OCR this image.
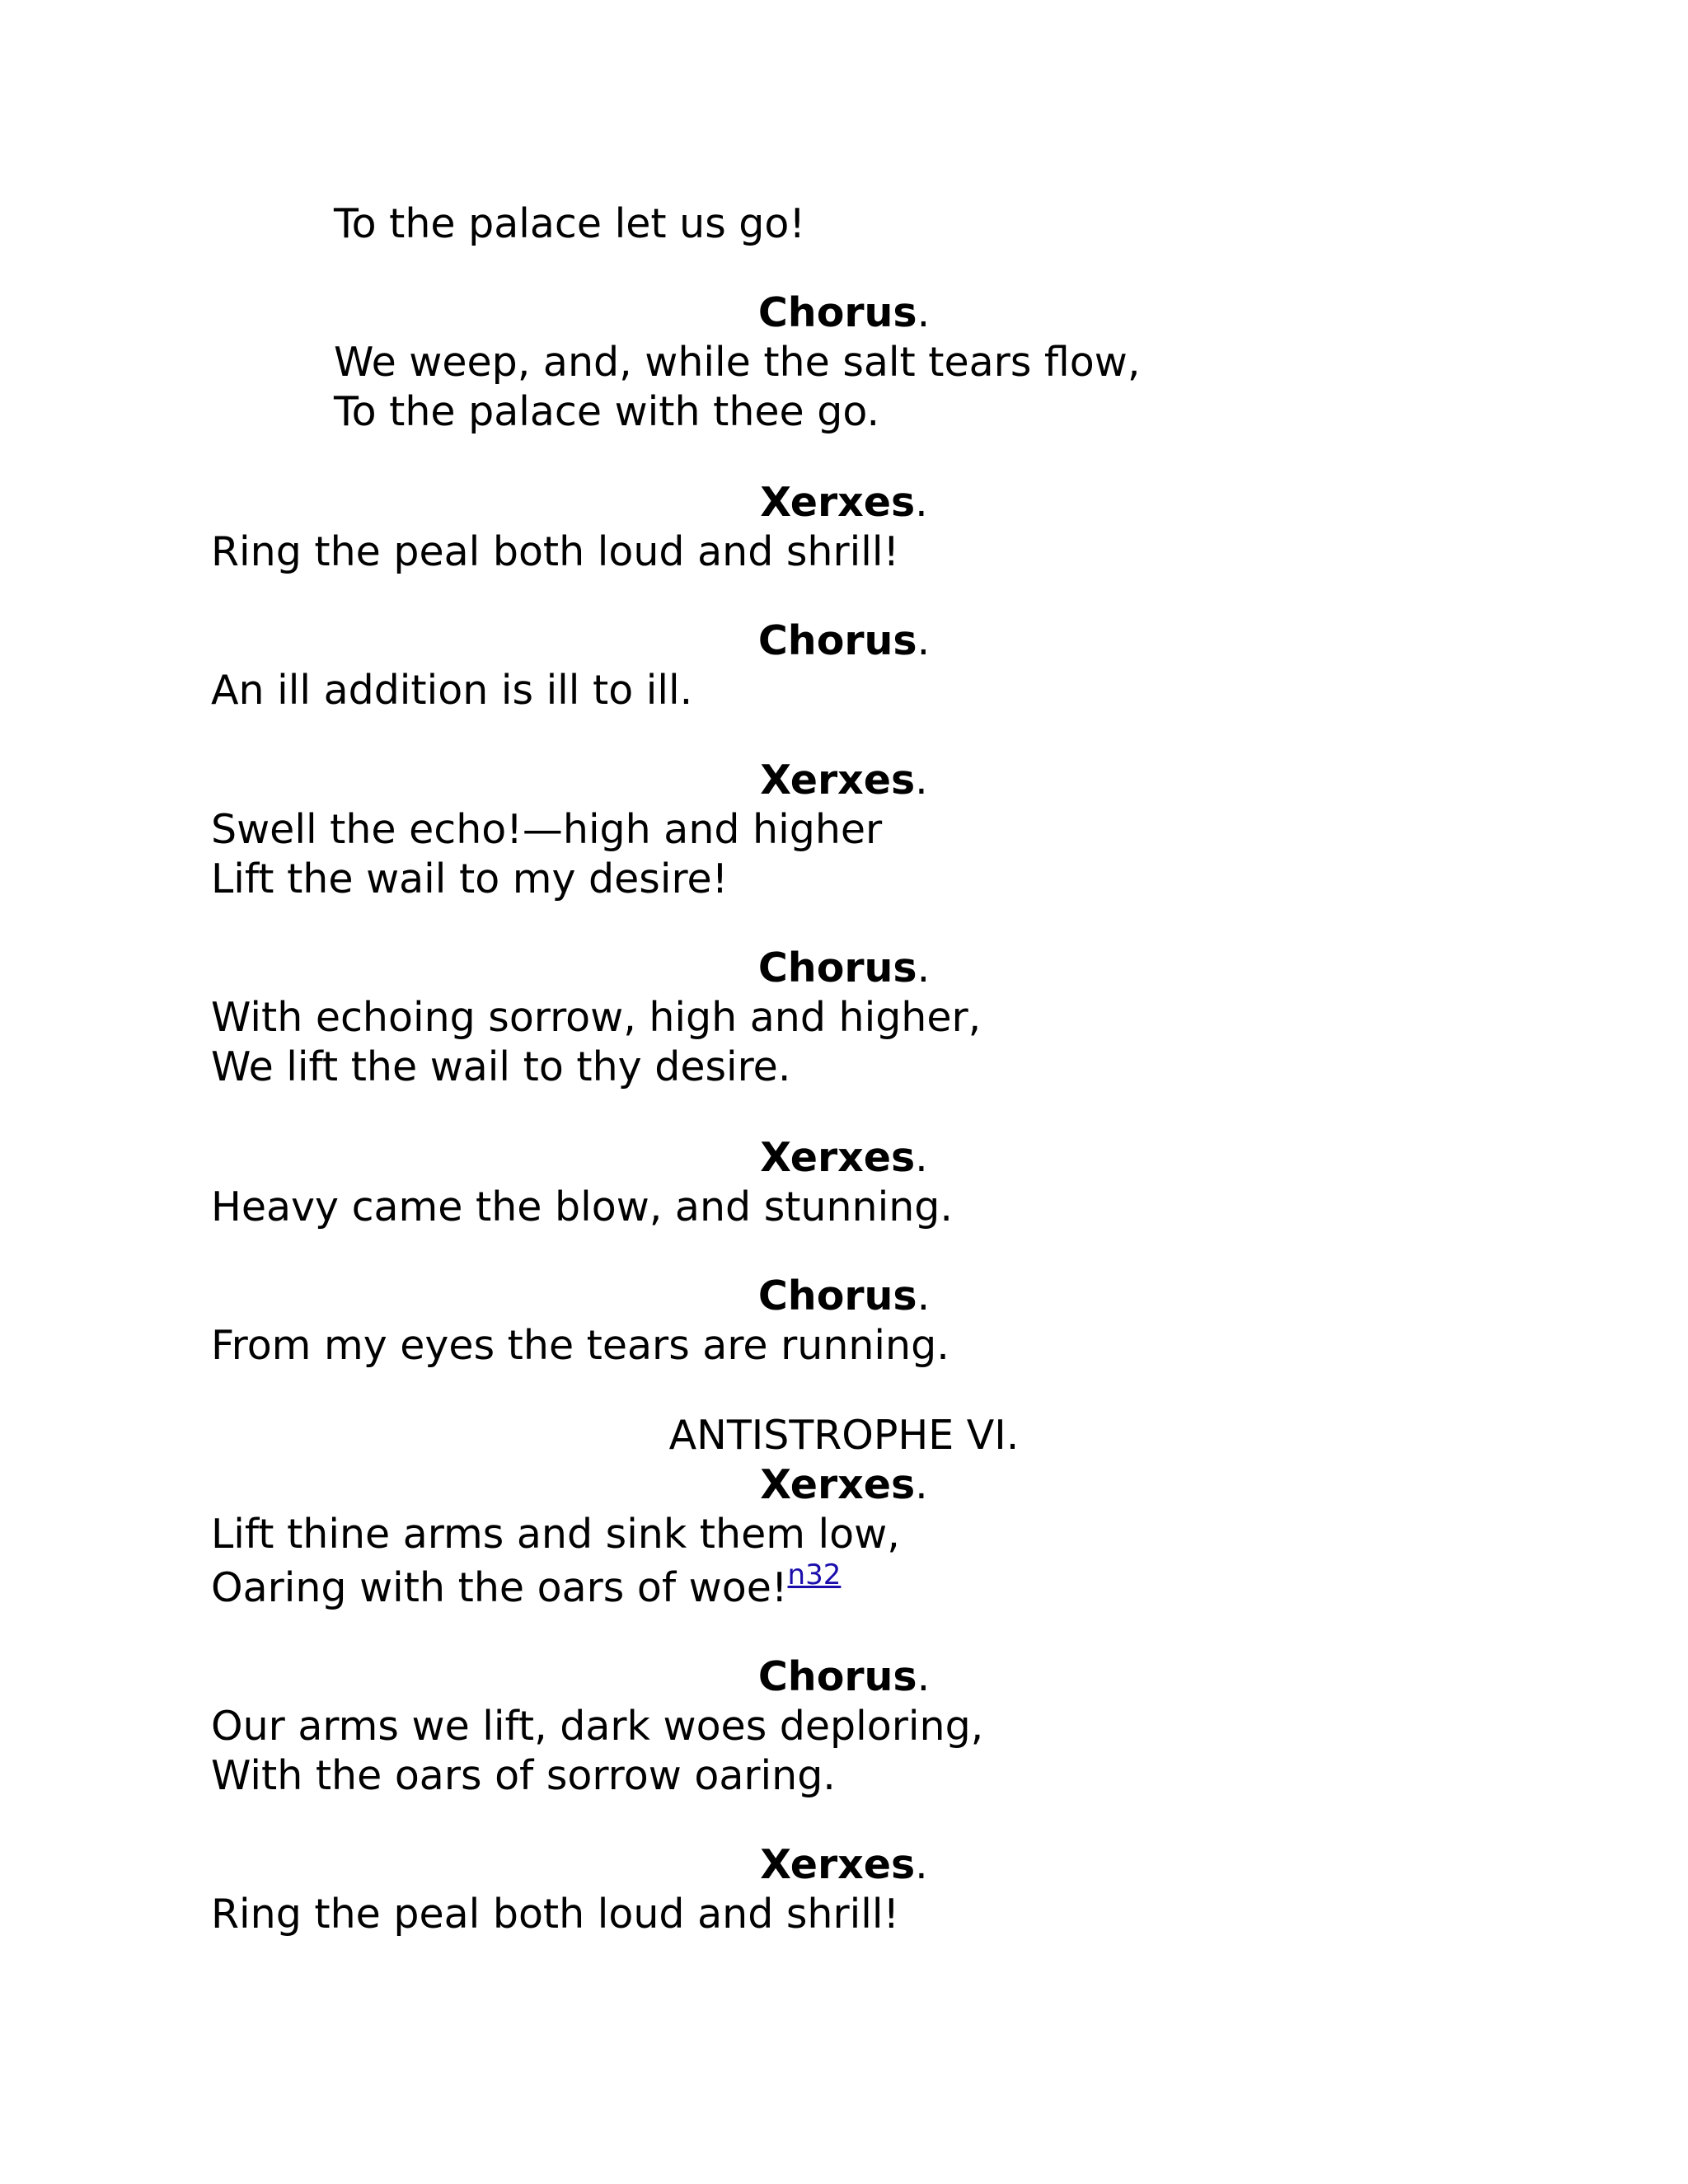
To the palace let us go!
Chorus.
We weep, and, while the salt tears flow,
To the palace with thee go.
Xerxes.
Ring the peal both loud and shrill!
Chorus.
An ill addition is ill to ill.
Xerxes.
Swell the echo!—high and higher
Lift the wail to my desire!
Chorus.
With echoing sorrow, high and higher,
We lift the wail to thy desire.
Xerxes.
Heavy came the blow, and stunning.
Chorus.
From my eyes the tears are running.
ANTISTROPHE VI.
Xerxes.
Lift thine arms and sink them low,
Oaring with the oars of woe!$^{n32}$
Chorus.
Our arms we lift, dark woes deploring,
With the oars of sorrow oaring.
Xerxes.
Ring the peal both loud and shrill!
